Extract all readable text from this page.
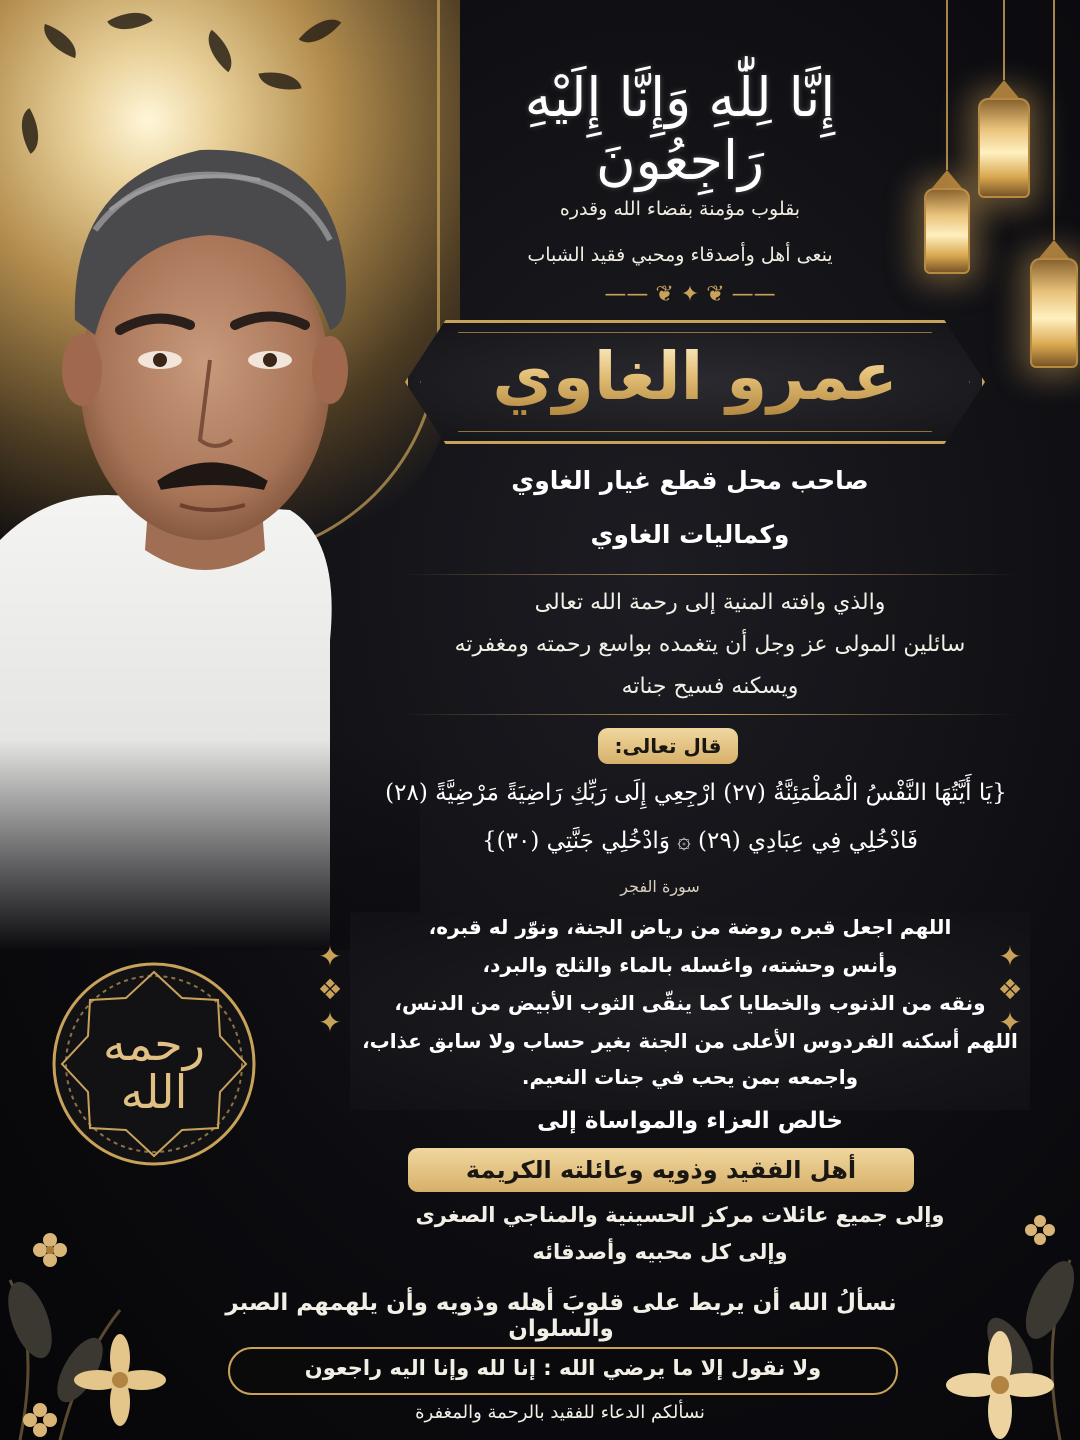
إِنَّا لِلّٰهِ وَإِنَّا إِلَيْهِ رَاجِعُونَ
بقلوب مؤمنة بقضاء الله وقدره
ينعى أهل وأصدقاء ومحبي فقيد الشباب
—— ❦ ✦ ❦ ——
عمرو الغاوي
صاحب محل قطع غيار الغاوي
وكماليات الغاوي
والذي وافته المنية إلى رحمة الله تعالى
سائلين المولى عز وجل أن يتغمده بواسع رحمته ومغفرته
ويسكنه فسيح جناته
قال تعالى:
{يَا أَيَّتُهَا النَّفْسُ الْمُطْمَئِنَّةُ (٢٧) ارْجِعِي إِلَى رَبِّكِ رَاضِيَةً مَرْضِيَّةً (٢٨)
فَادْخُلِي فِي عِبَادِي (٢٩) ۞ وَادْخُلِي جَنَّتِي (٣٠)}
سورة الفجر
✦
❖
✦
✦
❖
✦
اللهم اجعل قبره روضة من رياض الجنة، ونوّر له قبره،
وأنس وحشته، واغسله بالماء والثلج والبرد،
ونقه من الذنوب والخطايا كما ينقّى الثوب الأبيض من الدنس،
اللهم أسكنه الفردوس الأعلى من الجنة بغير حساب ولا سابق عذاب،
واجمعه بمن يحب في جنات النعيم.
رحمه
الله
خالص العزاء والمواساة إلى
أهل الفقيد وذويه وعائلته الكريمة
وإلى جميع عائلات مركز الحسينية والمناجي الصغرى
وإلى كل محبيه وأصدقائه
نسألُ الله أن يربط على قلوبَ أهله وذويه وأن يلهمهم الصبر والسلوان
ولا نقول إلا ما يرضي الله : إنا لله وإنا اليه راجعون
نسألكم الدعاء للفقيد بالرحمة والمغفرة
